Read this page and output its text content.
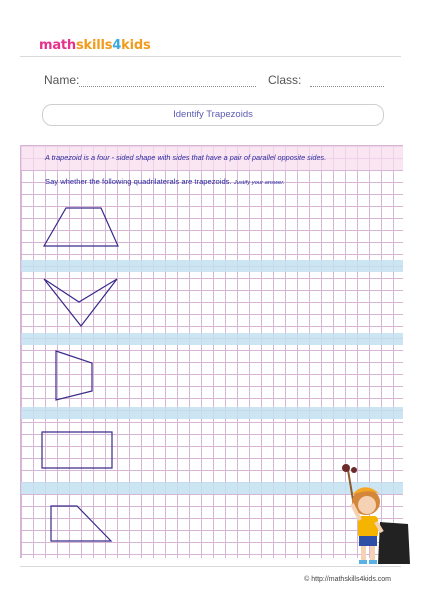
mathskills4kids
Name:	Class:
Identify Trapezoids
A trapezoid is a four - sided shape with sides that have a pair of parallel opposite sides.
Say whether the following quadrilaterals are trapezoids. Justify your answer.
© http://mathskills4kids.com
